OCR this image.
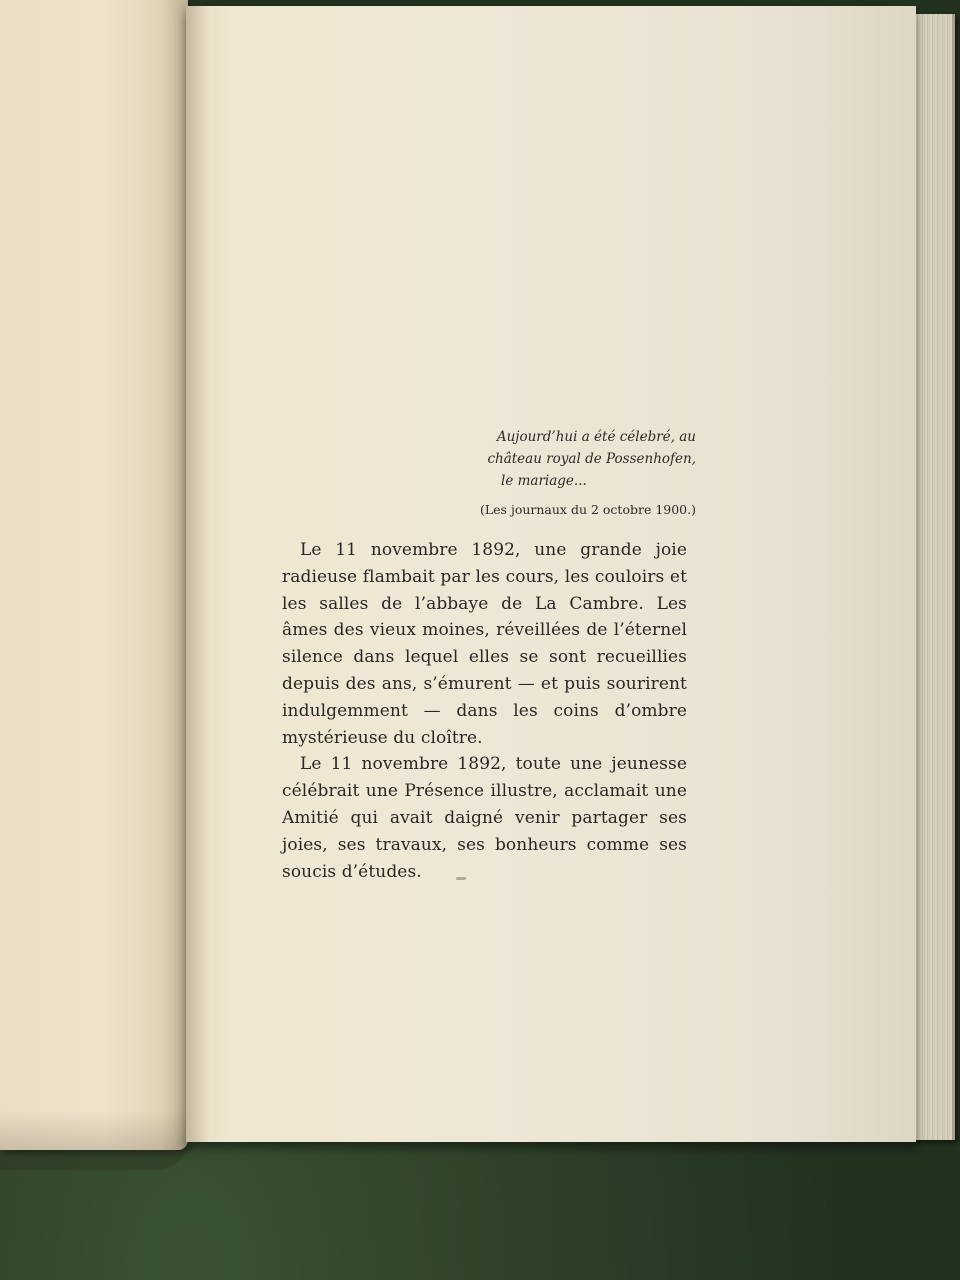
Aujourd’hui a été célebré, au
château royal de Possenhofen,
le mariage...
(Les journaux du 2 octobre 1900.)

Le 11 novembre 1892, une grande joie radieuse flambait par les cours, les couloirs et les salles de l’abbaye de La Cambre. Les âmes des vieux moines, réveillées de l’éternel silence dans lequel elles se sont recueillies depuis des ans, s’émurent — et puis sourirent indulgemment — dans les coins d’ombre mystérieuse du cloître.

Le 11 novembre 1892, toute une jeunesse célébrait une Présence illustre, acclamait une Amitié qui avait daigné venir partager ses joies, ses travaux, ses bonheurs comme ses soucis d’études.
